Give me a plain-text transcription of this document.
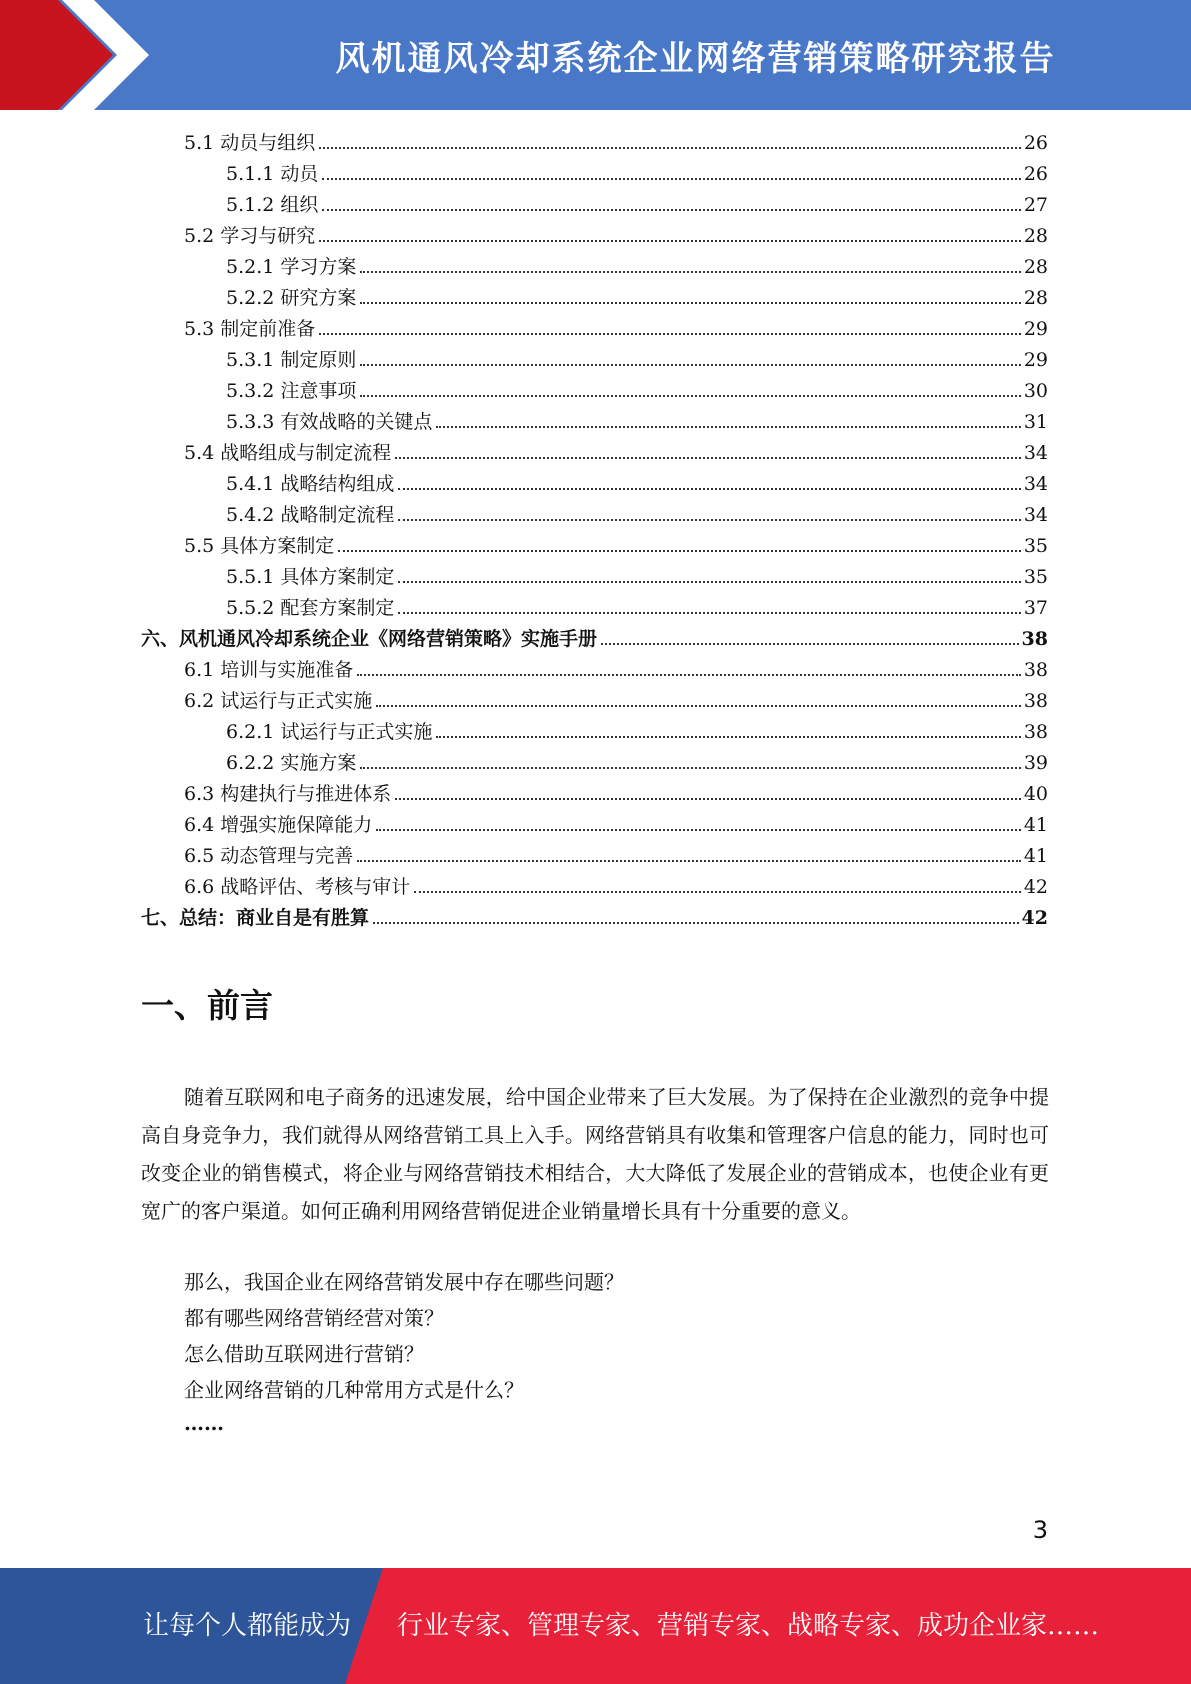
风机通风冷却系统企业网络营销策略研究报告
5.1 动员与组织	26
5.1.1 动员	26
5.1.2 组织	27
5.2 学习与研究	28
5.2.1 学习方案	28
5.2.2 研究方案	28
5.3 制定前准备	29
5.3.1 制定原则	29
5.3.2 注意事项	30
5.3.3 有效战略的关键点	31
5.4 战略组成与制定流程	34
5.4.1 战略结构组成	34
5.4.2 战略制定流程	34
5.5 具体方案制定	35
5.5.1 具体方案制定	35
5.5.2 配套方案制定	37
六、风机通风冷却系统企业《网络营销策略》实施手册	38
6.1 培训与实施准备	38
6.2 试运行与正式实施	38
6.2.1 试运行与正式实施	38
6.2.2 实施方案	39
6.3 构建执行与推进体系	40
6.4 增强实施保障能力	41
6.5 动态管理与完善	41
6.6 战略评估、考核与审计	42
七、总结：商业自是有胜算	42
一、前言
随着互联网和电子商务的迅速发展，给中国企业带来了巨大发展。为了保持在企业激烈的竞争中提高自身竞争力，我们就得从网络营销工具上入手。网络营销具有收集和管理客户信息的能力，同时也可改变企业的销售模式，将企业与网络营销技术相结合，大大降低了发展企业的营销成本，也使企业有更宽广的客户渠道。如何正确利用网络营销促进企业销量增长具有十分重要的意义。
那么，我国企业在网络营销发展中存在哪些问题？
都有哪些网络营销经营对策？
怎么借助互联网进行营销？
企业网络营销的几种常用方式是什么？
……
3
让每个人都能成为 行业专家、管理专家、营销专家、战略专家、成功企业家……
